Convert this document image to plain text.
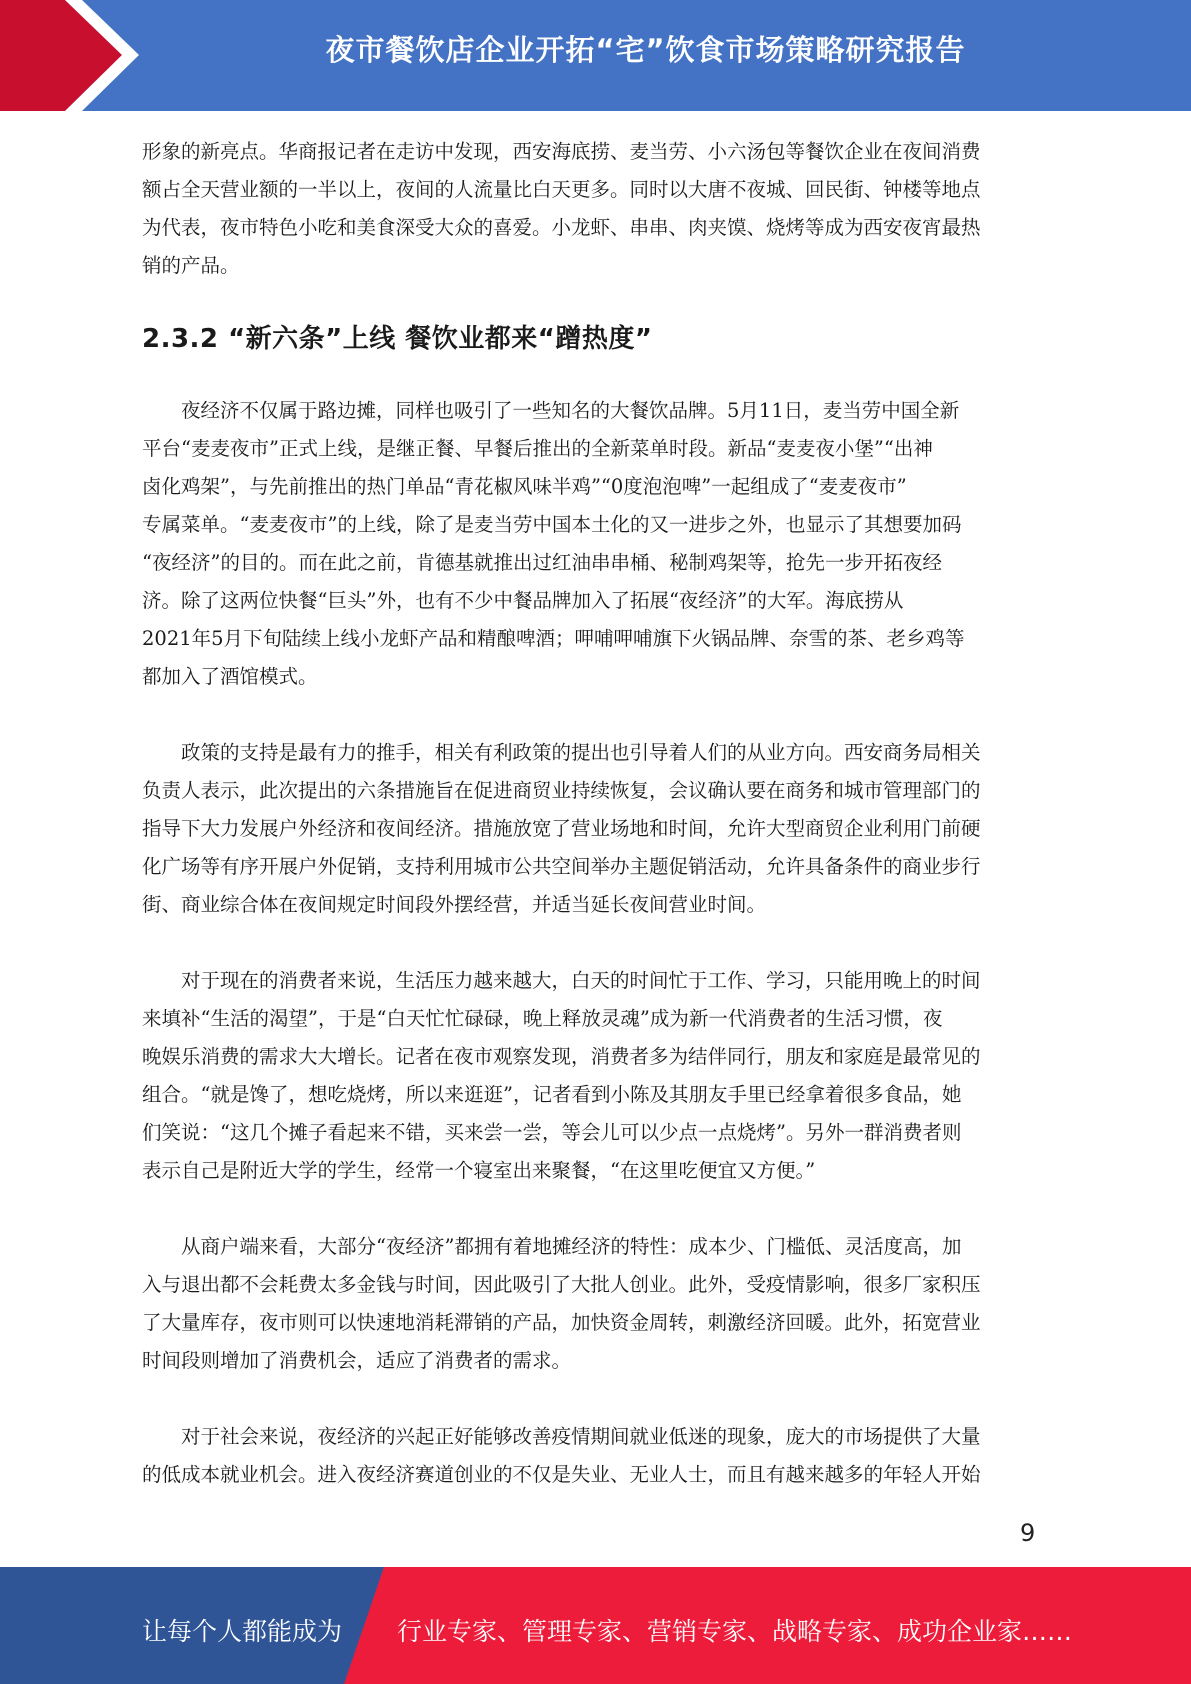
夜市餐饮店企业开拓“宅”饮食市场策略研究报告
形象的新亮点。华商报记者在走访中发现，西安海底捞、麦当劳、小六汤包等餐饮企业在夜间消费
额占全天营业额的一半以上，夜间的人流量比白天更多。同时以大唐不夜城、回民街、钟楼等地点
为代表，夜市特色小吃和美食深受大众的喜爱。小龙虾、串串、肉夹馍、烧烤等成为西安夜宵最热
销的产品。
2.3.2 “新六条”上线 餐饮业都来“蹭热度”
　　夜经济不仅属于路边摊，同样也吸引了一些知名的大餐饮品牌。5月11日，麦当劳中国全新
平台“麦麦夜市”正式上线，是继正餐、早餐后推出的全新菜单时段。新品“麦麦夜小堡”“出神
卤化鸡架”，与先前推出的热门单品“青花椒风味半鸡”“0度泡泡啤”一起组成了“麦麦夜市”
专属菜单。“麦麦夜市”的上线，除了是麦当劳中国本土化的又一进步之外，也显示了其想要加码
“夜经济”的目的。而在此之前，肯德基就推出过红油串串桶、秘制鸡架等，抢先一步开拓夜经
济。除了这两位快餐“巨头”外，也有不少中餐品牌加入了拓展“夜经济”的大军。海底捞从
2021年5月下旬陆续上线小龙虾产品和精酿啤酒；呷哺呷哺旗下火锅品牌、奈雪的茶、老乡鸡等
都加入了酒馆模式。
　　政策的支持是最有力的推手，相关有利政策的提出也引导着人们的从业方向。西安商务局相关
负责人表示，此次提出的六条措施旨在促进商贸业持续恢复，会议确认要在商务和城市管理部门的
指导下大力发展户外经济和夜间经济。措施放宽了营业场地和时间，允许大型商贸企业利用门前硬
化广场等有序开展户外促销，支持利用城市公共空间举办主题促销活动，允许具备条件的商业步行
街、商业综合体在夜间规定时间段外摆经营，并适当延长夜间营业时间。
　　对于现在的消费者来说，生活压力越来越大，白天的时间忙于工作、学习，只能用晚上的时间
来填补“生活的渴望”，于是“白天忙忙碌碌，晚上释放灵魂”成为新一代消费者的生活习惯，夜
晚娱乐消费的需求大大增长。记者在夜市观察发现，消费者多为结伴同行，朋友和家庭是最常见的
组合。“就是馋了，想吃烧烤，所以来逛逛”，记者看到小陈及其朋友手里已经拿着很多食品，她
们笑说：“这几个摊子看起来不错，买来尝一尝，等会儿可以少点一点烧烤”。另外一群消费者则
表示自己是附近大学的学生，经常一个寝室出来聚餐，“在这里吃便宜又方便。”
　　从商户端来看，大部分“夜经济”都拥有着地摊经济的特性：成本少、门槛低、灵活度高，加
入与退出都不会耗费太多金钱与时间，因此吸引了大批人创业。此外，受疫情影响，很多厂家积压
了大量库存，夜市则可以快速地消耗滞销的产品，加快资金周转，刺激经济回暖。此外，拓宽营业
时间段则增加了消费机会，适应了消费者的需求。
　　对于社会来说，夜经济的兴起正好能够改善疫情期间就业低迷的现象，庞大的市场提供了大量
的低成本就业机会。进入夜经济赛道创业的不仅是失业、无业人士，而且有越来越多的年轻人开始
9
让每个人都能成为 行业专家、管理专家、营销专家、战略专家、成功企业家……
